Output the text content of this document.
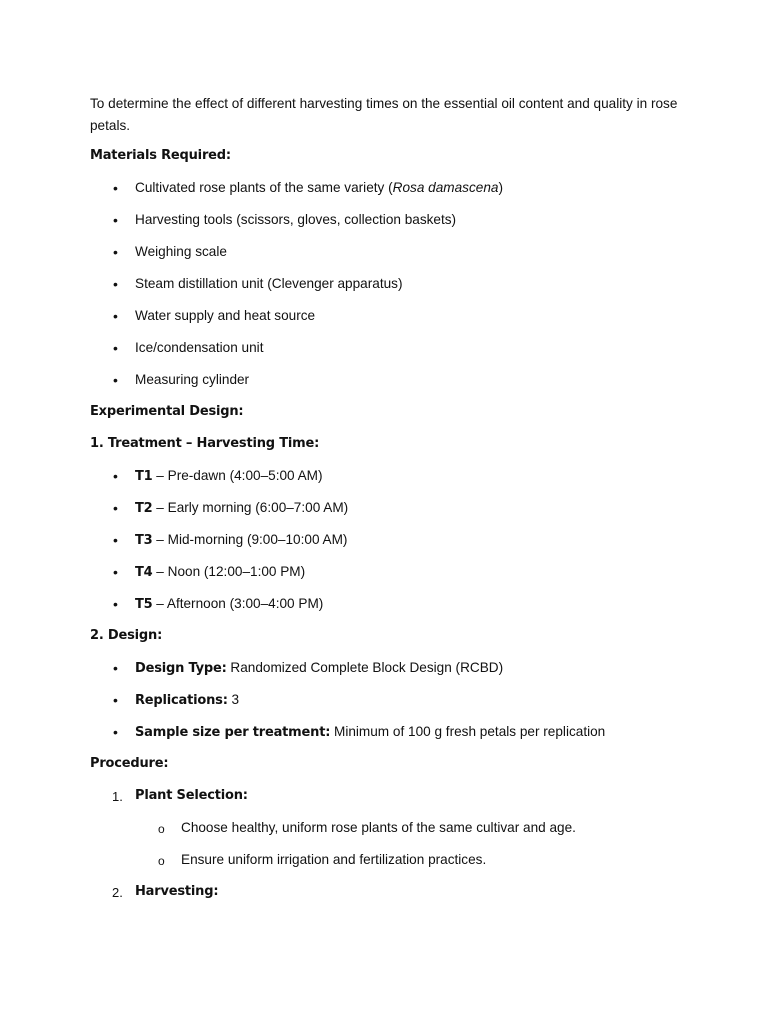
To determine the effect of different harvesting times on the essential oil content and quality in rose petals.
Materials Required:
•
Cultivated rose plants of the same variety (Rosa damascena)
•
Harvesting tools (scissors, gloves, collection baskets)
•
Weighing scale
•
Steam distillation unit (Clevenger apparatus)
•
Water supply and heat source
•
Ice/condensation unit
•
Measuring cylinder
Experimental Design:
1. Treatment – Harvesting Time:
•
T1 – Pre-dawn (4:00–5:00 AM)
•
T2 – Early morning (6:00–7:00 AM)
•
T3 – Mid-morning (9:00–10:00 AM)
•
T4 – Noon (12:00–1:00 PM)
•
T5 – Afternoon (3:00–4:00 PM)
2. Design:
•
Design Type: Randomized Complete Block Design (RCBD)
•
Replications: 3
•
Sample size per treatment: Minimum of 100 g fresh petals per replication
Procedure:
1. Plant Selection:
o Choose healthy, uniform rose plants of the same cultivar and age.
o Ensure uniform irrigation and fertilization practices.
2. Harvesting:
